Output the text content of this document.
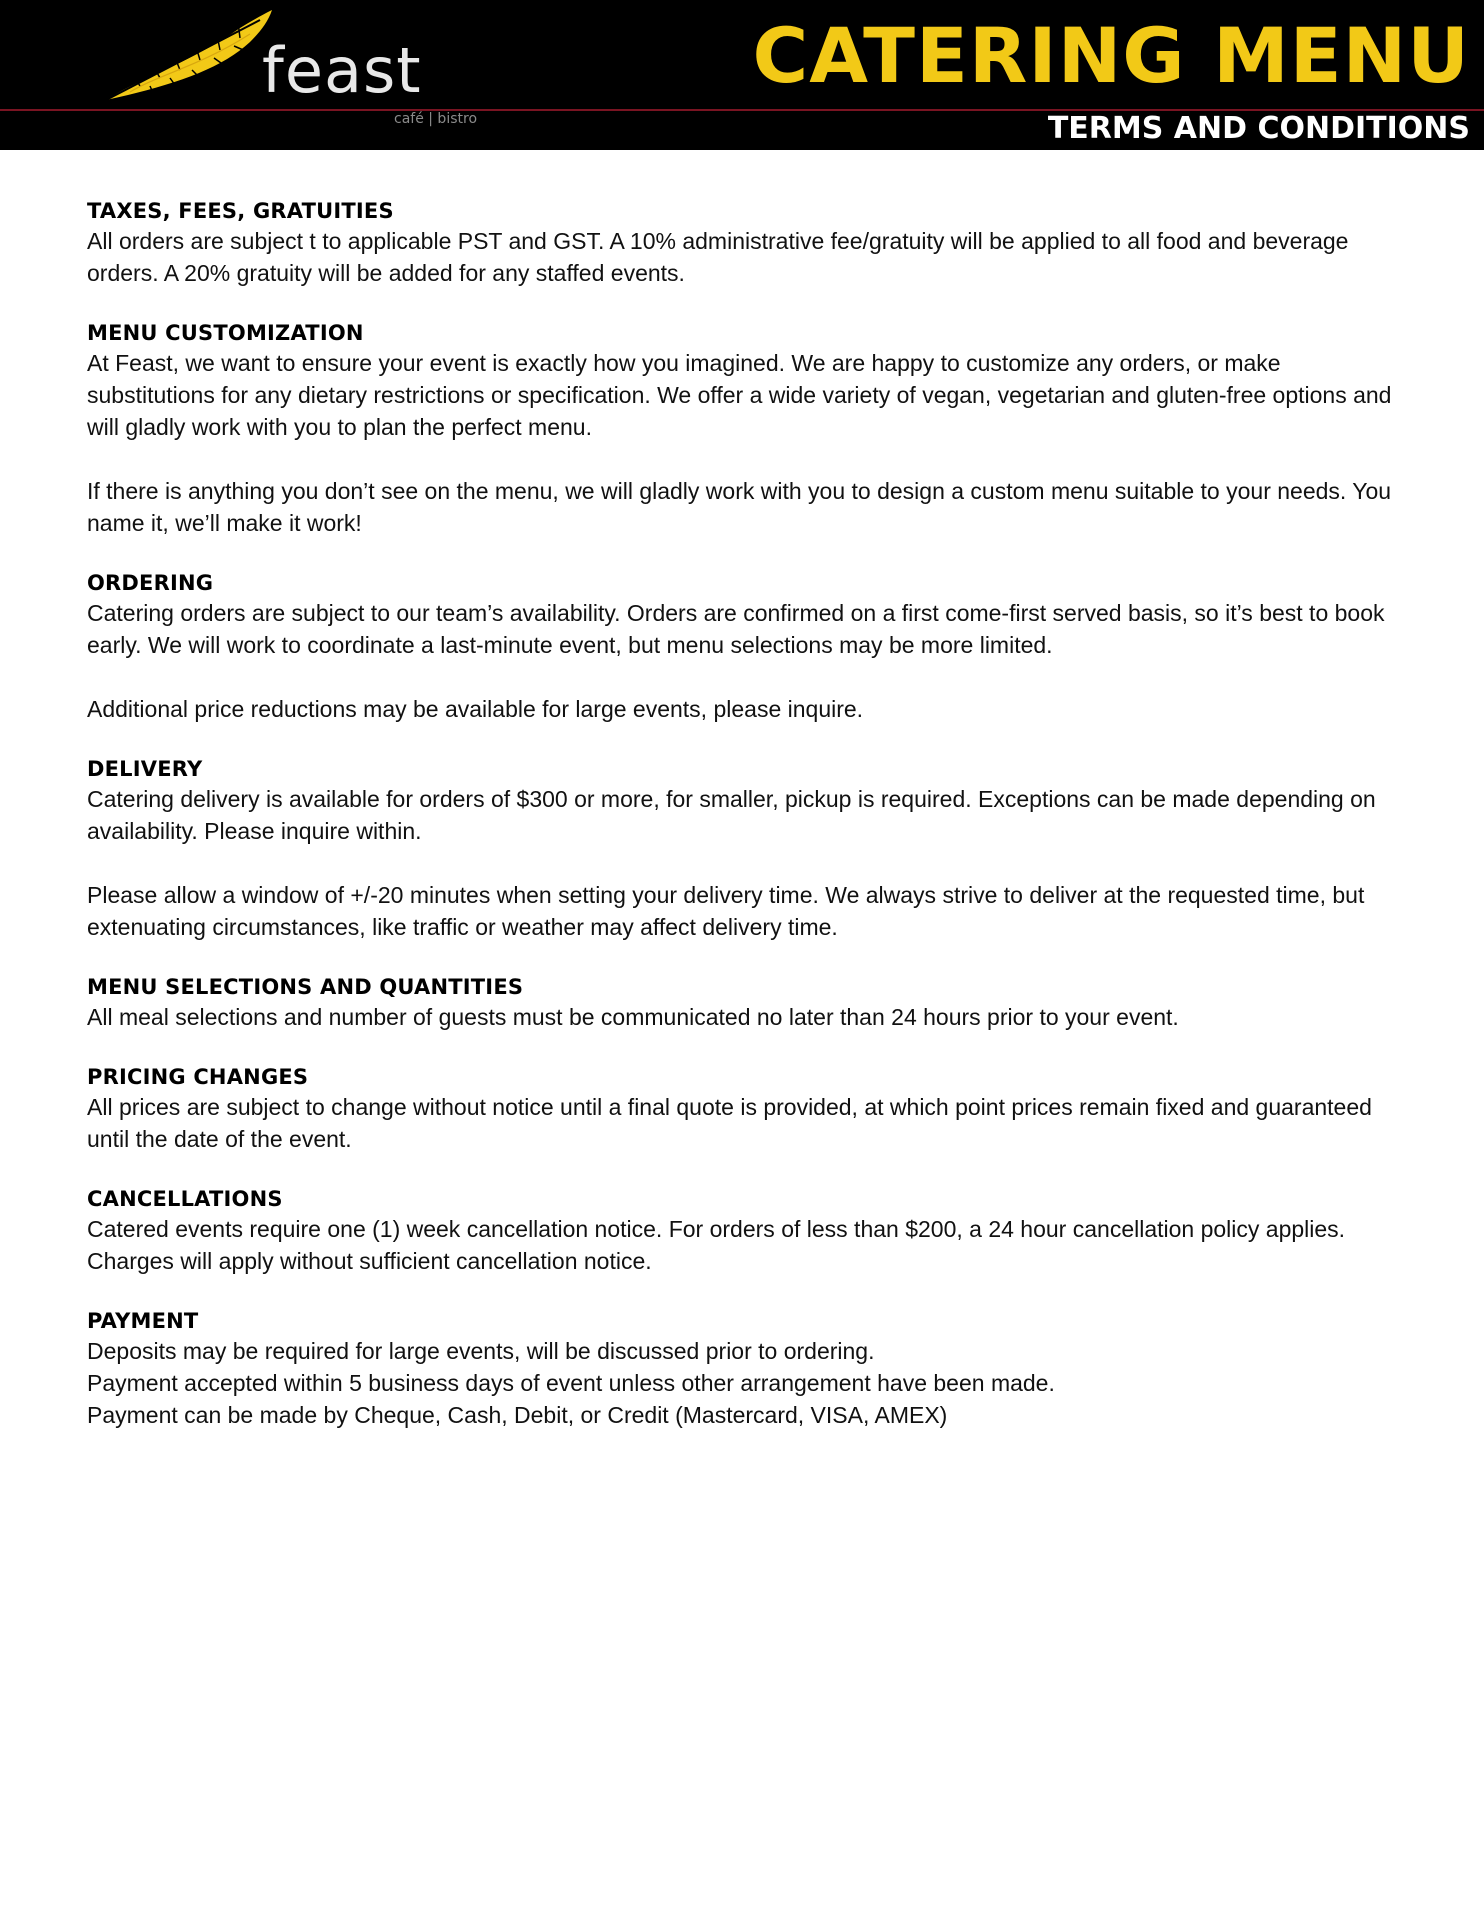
feast
café | bistro
CATERING MENU
TERMS AND CONDITIONS
TAXES, FEES, GRATUITIES

All orders are subject t to applicable PST and GST. A 10% administrative fee/gratuity will be applied to all food and beverage orders. A 20% gratuity will be added for any staffed events.

MENU CUSTOMIZATION

At Feast, we want to ensure your event is exactly how you imagined. We are happy to customize any orders, or make substitutions for any dietary restrictions or specification. We offer a wide variety of vegan, vegetarian and gluten-free options and will gladly work with you to plan the perfect menu.

If there is anything you don’t see on the menu, we will gladly work with you to design a custom menu suitable to your needs. You name it, we’ll make it work!

ORDERING

Catering orders are subject to our team’s availability. Orders are confirmed on a first come-first served basis, so it’s best to book early. We will work to coordinate a last-minute event, but menu selections may be more limited.

Additional price reductions may be available for large events, please inquire.

DELIVERY

Catering delivery is available for orders of $300 or more, for smaller, pickup is required. Exceptions can be made depending on availability. Please inquire within.

Please allow a window of +/-20 minutes when setting your delivery time. We always strive to deliver at the requested time, but extenuating circumstances, like traffic or weather may affect delivery time.

MENU SELECTIONS AND QUANTITIES

All meal selections and number of guests must be communicated no later than 24 hours prior to your event.

PRICING CHANGES

All prices are subject to change without notice until a final quote is provided, at which point prices remain fixed and guaranteed until the date of the event.

CANCELLATIONS

Catered events require one (1) week cancellation notice. For orders of less than $200, a 24 hour cancellation policy applies. Charges will apply without sufficient cancellation notice.

PAYMENT

Deposits may be required for large events, will be discussed prior to ordering.

Payment accepted within 5 business days of event unless other arrangement have been made.

Payment can be made by Cheque, Cash, Debit, or Credit (Mastercard, VISA, AMEX)
